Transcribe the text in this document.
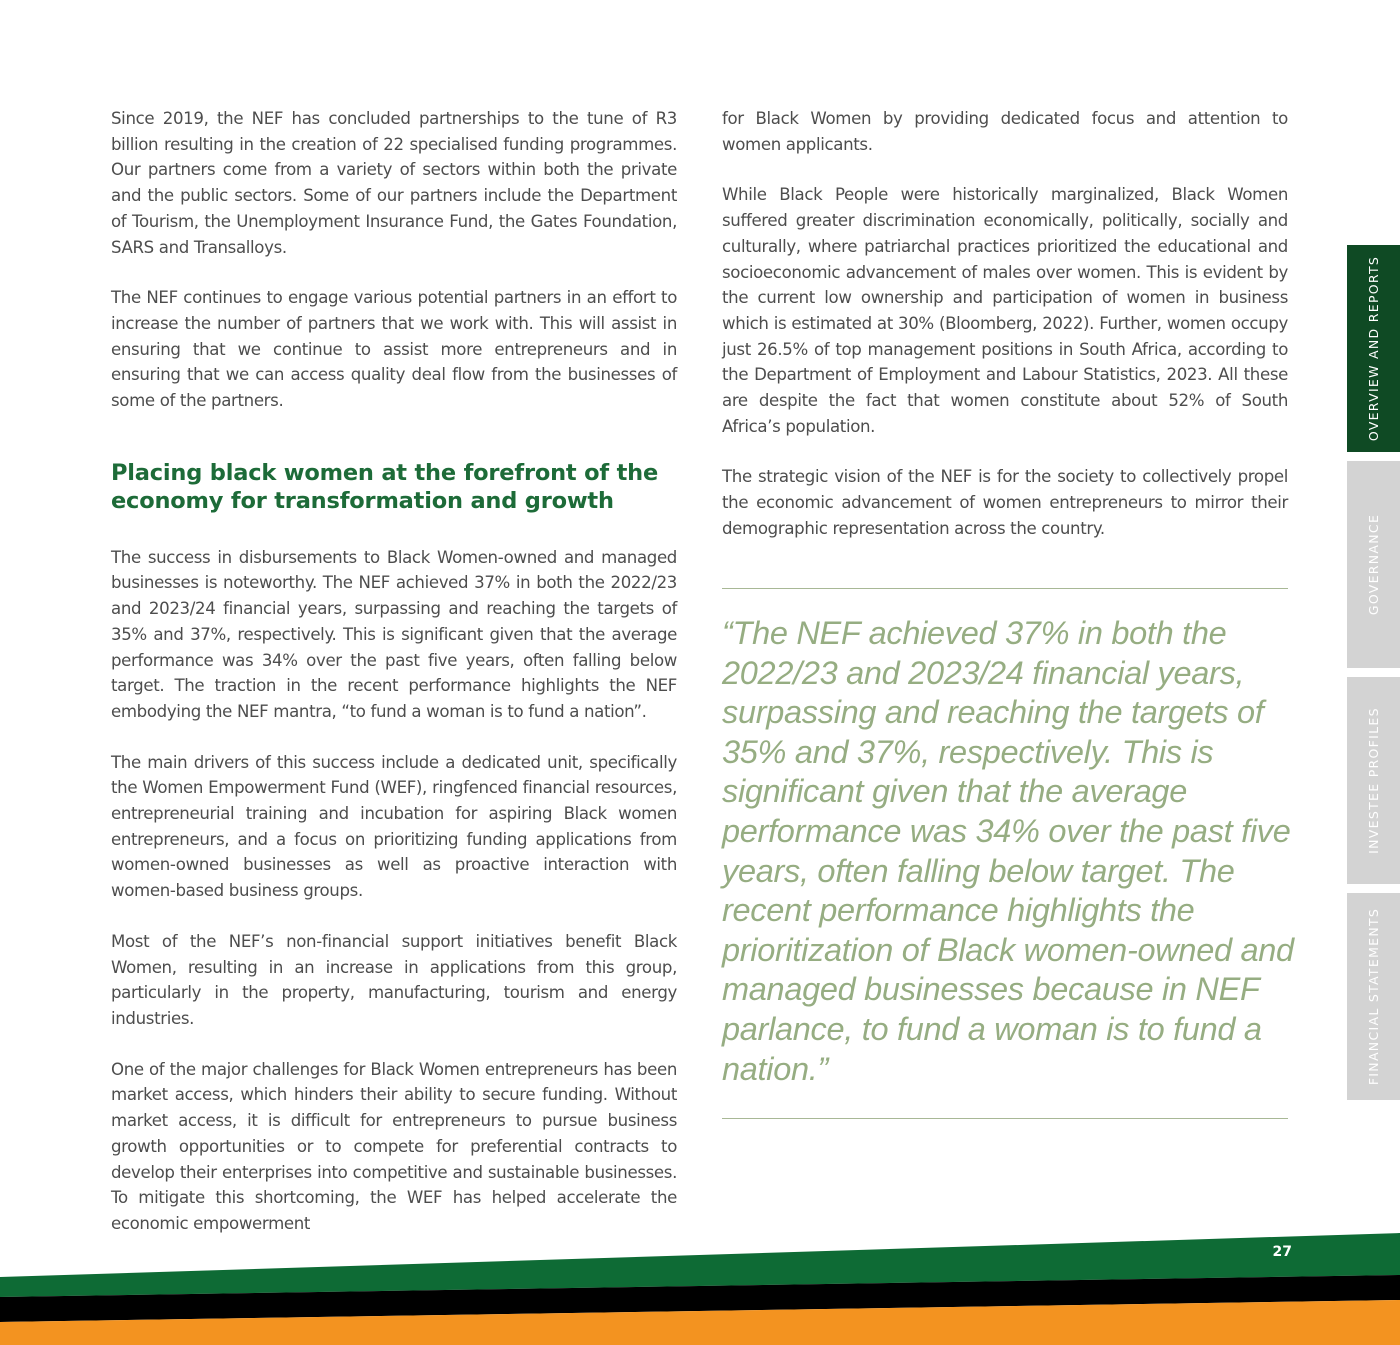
Since 2019, the NEF has concluded partnerships to the tune of R3 billion resulting in the creation of 22 specialised funding programmes. Our partners come from a variety of sectors within both the private and the public sectors. Some of our partners include the Department of Tourism, the Unemployment Insurance Fund, the Gates Foundation, SARS and Transalloys.

The NEF continues to engage various potential partners in an effort to increase the number of partners that we work with. This will assist in ensuring that we continue to assist more entrepreneurs and in ensuring that we can access quality deal flow from the businesses of some of the partners.

Placing black women at the forefront of the economy for transformation and growth

The success in disbursements to Black Women-owned and managed businesses is noteworthy. The NEF achieved 37% in both the 2022/23 and 2023/24 financial years, surpassing and reaching the targets of 35% and 37%, respectively. This is significant given that the average performance was 34% over the past five years, often falling below target. The traction in the recent performance highlights the NEF embodying the NEF mantra, “to fund a woman is to fund a nation”.

The main drivers of this success include a dedicated unit, specifically the Women Empowerment Fund (WEF), ringfenced financial resources, entrepreneurial training and incubation for aspiring Black women entrepreneurs, and a focus on prioritizing funding applications from women-owned businesses as well as proactive interaction with women-based business groups.

Most of the NEF’s non-financial support initiatives benefit Black Women, resulting in an increase in applications from this group, particularly in the property, manufacturing, tourism and energy industries.

One of the major challenges for Black Women entrepreneurs has been market access, which hinders their ability to secure funding. Without market access, it is difficult for entrepreneurs to pursue business growth opportunities or to compete for preferential contracts to develop their enterprises into competitive and sustainable businesses. To mitigate this shortcoming, the WEF has helped accelerate the economic empowerment

for Black Women by providing dedicated focus and attention to women applicants.

While Black People were historically marginalized, Black Women suffered greater discrimination economically, politically, socially and culturally, where patriarchal practices prioritized the educational and socioeconomic advancement of males over women. This is evident by the current low ownership and participation of women in business which is estimated at 30% (Bloomberg, 2022). Further, women occupy just 26.5% of top management positions in South Africa, according to the Department of Employment and Labour Statistics, 2023. All these are despite the fact that women constitute about 52% of South Africa’s population.

The strategic vision of the NEF is for the society to collectively propel the economic advancement of women entrepreneurs to mirror their demographic representation across the country.

“The NEF achieved 37% in both the 2022/23 and 2023/24 financial years, surpassing and reaching the targets of 35% and 37%, respectively. This is significant given that the average performance was 34% over the past five years, often falling below target. The recent performance highlights the prioritization of Black women-owned and managed businesses because in NEF parlance, to fund a woman is to fund a nation.”
OVERVIEW AND REPORTS
GOVERNANCE
INVESTEE PROFILES
FINANCIAL STATEMENTS
27
